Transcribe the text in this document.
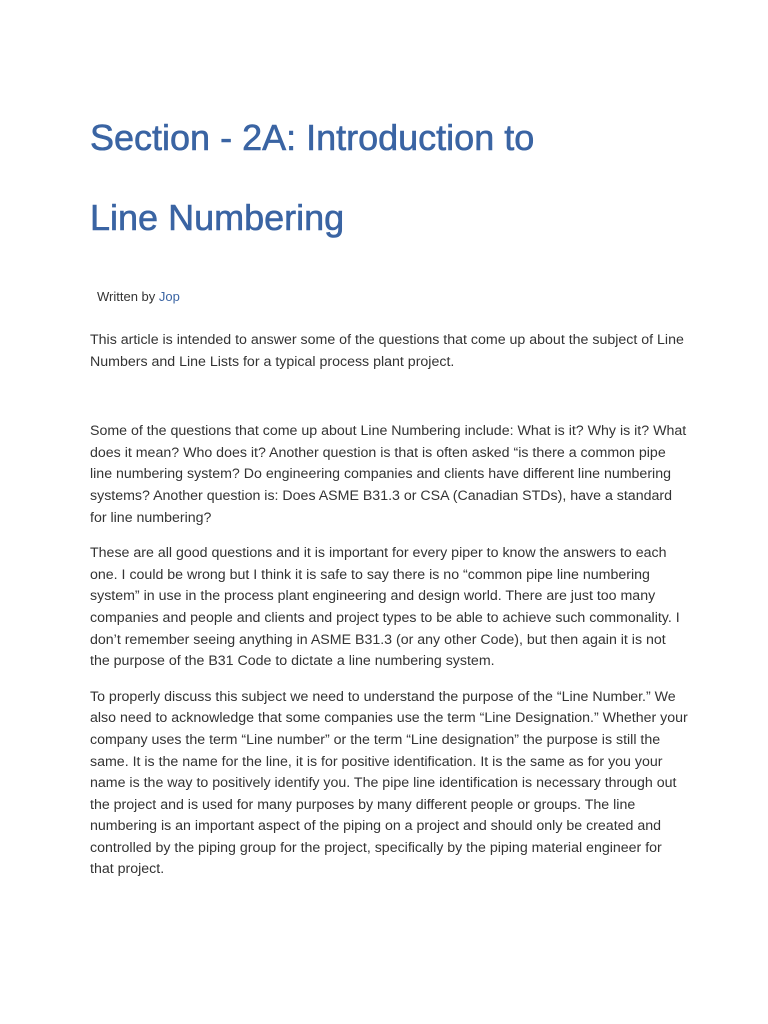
Section - 2A: Introduction to
Line Numbering
Written by Jop

This article is intended to answer some of the questions that come up about the subject of Line Numbers and Line Lists for a typical process plant project.

Some of the questions that come up about Line Numbering include: What is it? Why is it? What does it mean? Who does it? Another question is that is often asked “is there a common pipe line numbering system? Do engineering companies and clients have different line numbering systems? Another question is: Does ASME B31.3 or CSA (Canadian STDs), have a standard for line numbering?

These are all good questions and it is important for every piper to know the answers to each one. I could be wrong but I think it is safe to say there is no “common pipe line numbering system” in use in the process plant engineering and design world. There are just too many companies and people and clients and project types to be able to achieve such commonality. I don’t remember seeing anything in ASME B31.3 (or any other Code), but then again it is not the purpose of the B31 Code to dictate a line numbering system.

To properly discuss this subject we need to understand the purpose of the “Line Number.” We also need to acknowledge that some companies use the term “Line Designation.” Whether your company uses the term “Line number” or the term “Line designation” the purpose is still the same. It is the name for the line, it is for positive identification. It is the same as for you your name is the way to positively identify you. The pipe line identification is necessary through out the project and is used for many purposes by many different people or groups. The line numbering is an important aspect of the piping on a project and should only be created and controlled by the piping group for the project, specifically by the piping material engineer for that project.
